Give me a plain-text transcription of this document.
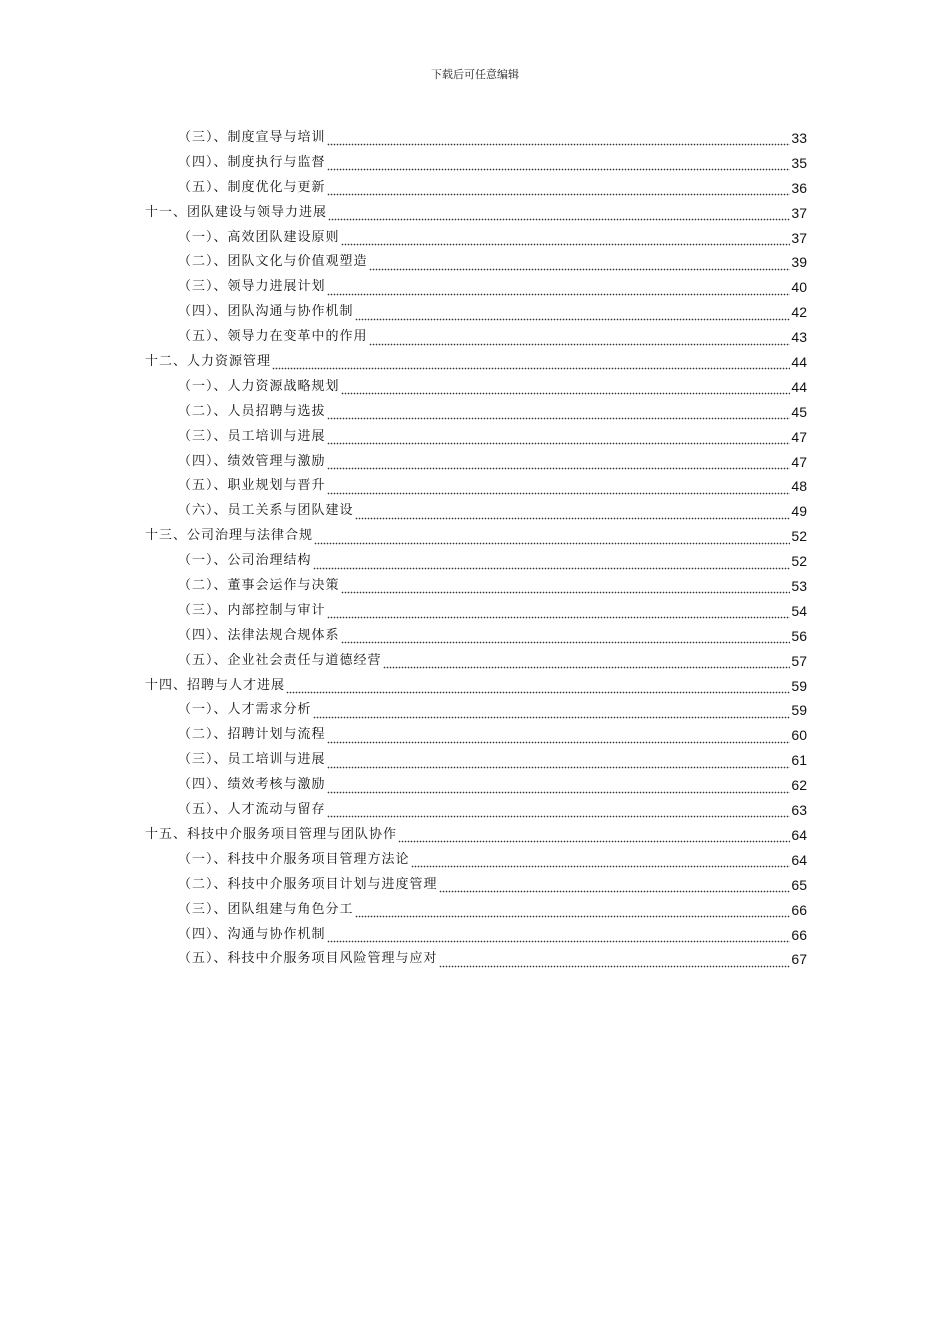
下载后可任意编辑
（三）、制度宣导与培训	33
（四）、制度执行与监督	35
（五）、制度优化与更新	36
十一、团队建设与领导力进展	37
（一）、高效团队建设原则	37
（二）、团队文化与价值观塑造	39
（三）、领导力进展计划	40
（四）、团队沟通与协作机制	42
（五）、领导力在变革中的作用	43
十二、人力资源管理	44
（一）、人力资源战略规划	44
（二）、人员招聘与选拔	45
（三）、员工培训与进展	47
（四）、绩效管理与激励	47
（五）、职业规划与晋升	48
（六）、员工关系与团队建设	49
十三、公司治理与法律合规	52
（一）、公司治理结构	52
（二）、董事会运作与决策	53
（三）、内部控制与审计	54
（四）、法律法规合规体系	56
（五）、企业社会责任与道德经营	57
十四、招聘与人才进展	59
（一）、人才需求分析	59
（二）、招聘计划与流程	60
（三）、员工培训与进展	61
（四）、绩效考核与激励	62
（五）、人才流动与留存	63
十五、科技中介服务项目管理与团队协作	64
（一）、科技中介服务项目管理方法论	64
（二）、科技中介服务项目计划与进度管理	65
（三）、团队组建与角色分工	66
（四）、沟通与协作机制	66
（五）、科技中介服务项目风险管理与应对	67
